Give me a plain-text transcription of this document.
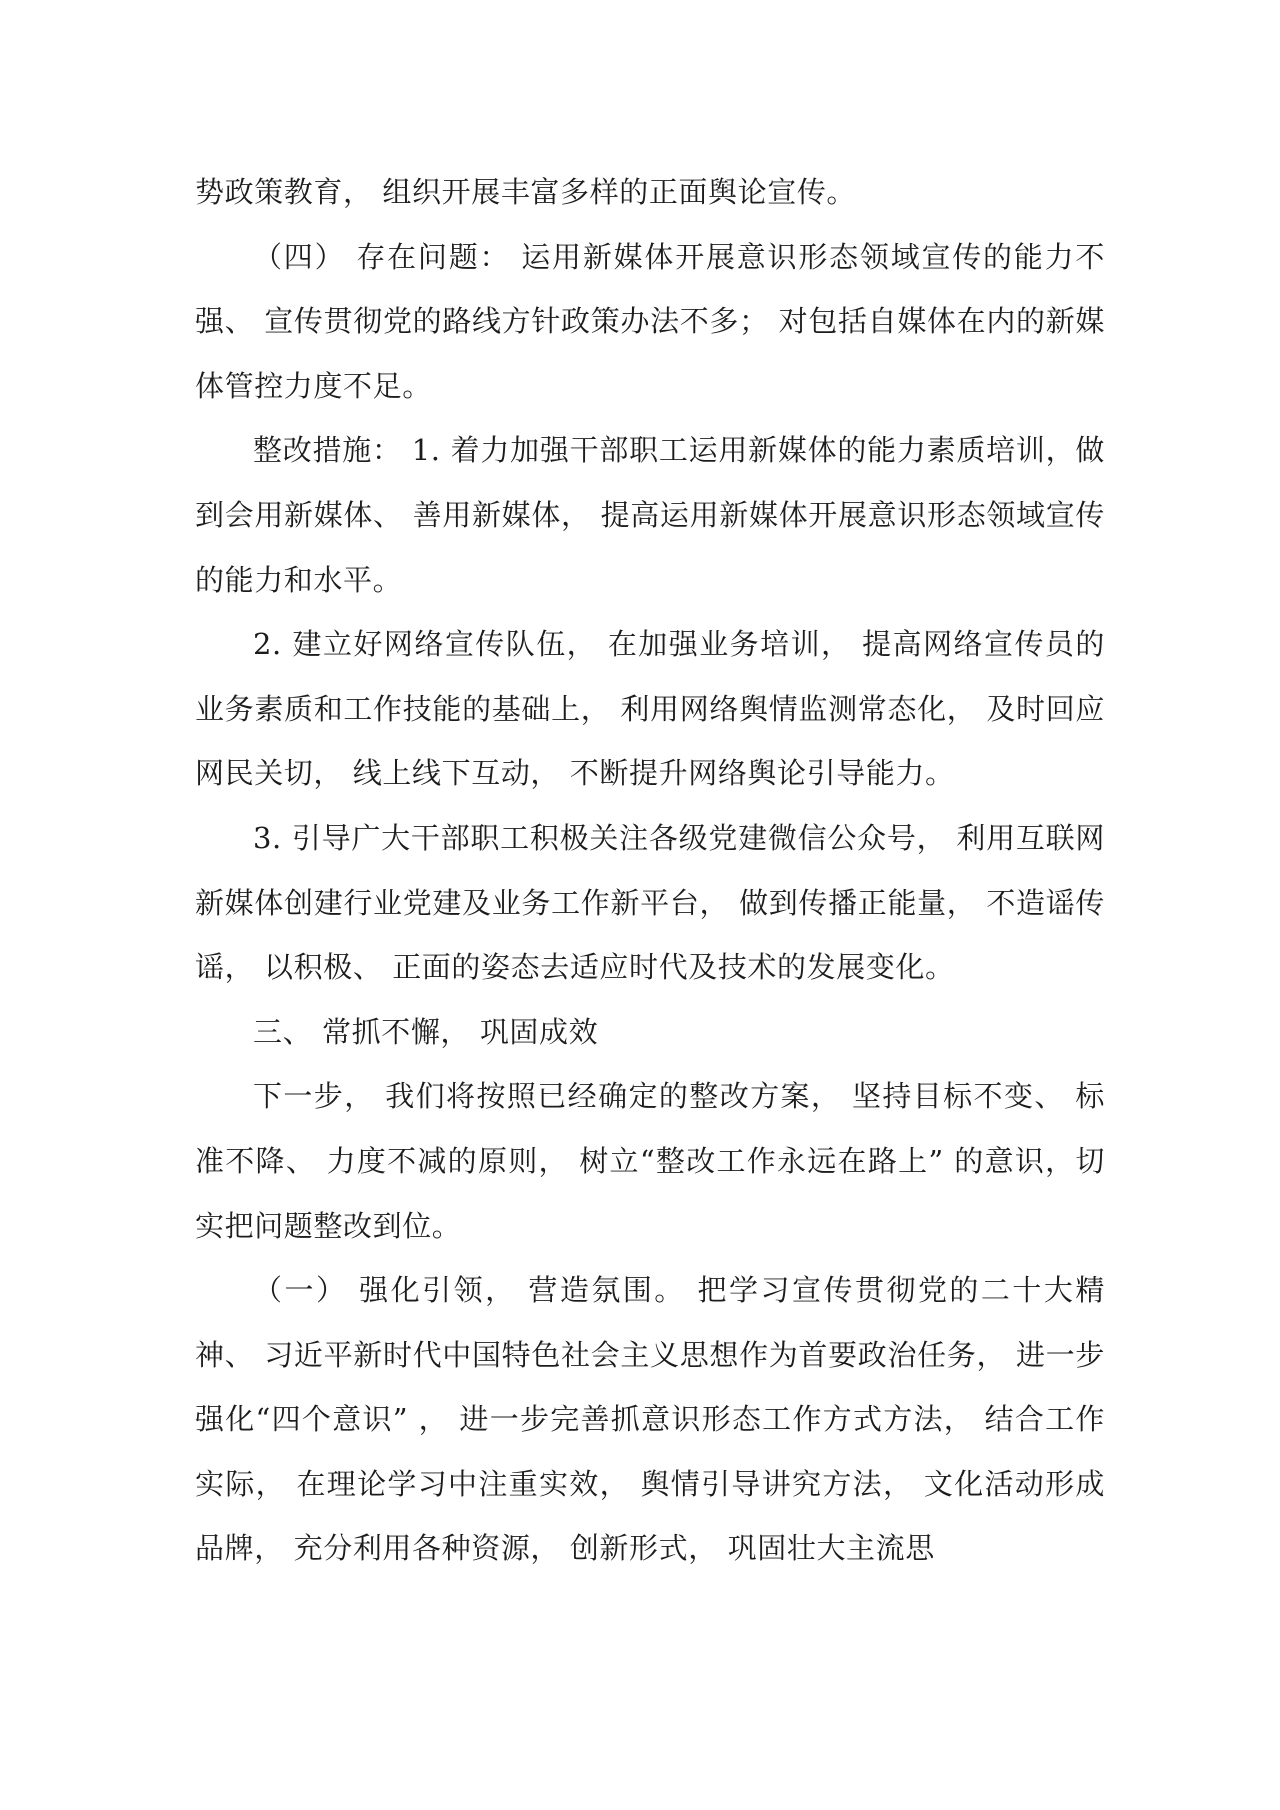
势政策教育， 组织开展丰富多样的正面舆论宣传。

（四） 存在问题： 运用新媒体开展意识形态领域宣传的能力不强、 宣传贯彻党的路线方针政策办法不多； 对包括自媒体在内的新媒体管控力度不足。

整改措施： 1. 着力加强干部职工运用新媒体的能力素质培训，做到会用新媒体、 善用新媒体， 提高运用新媒体开展意识形态领域宣传的能力和水平。

2. 建立好网络宣传队伍， 在加强业务培训， 提高网络宣传员的业务素质和工作技能的基础上， 利用网络舆情监测常态化， 及时回应网民关切， 线上线下互动， 不断提升网络舆论引导能力。

3. 引导广大干部职工积极关注各级党建微信公众号， 利用互联网新媒体创建行业党建及业务工作新平台， 做到传播正能量， 不造谣传谣， 以积极、 正面的姿态去适应时代及技术的发展变化。

三、 常抓不懈， 巩固成效

下一步， 我们将按照已经确定的整改方案， 坚持目标不变、 标准不降、 力度不减的原则， 树立“整改工作永远在路上” 的意识，切实把问题整改到位。

（一） 强化引领， 营造氛围。 把学习宣传贯彻党的二十大精神、 习近平新时代中国特色社会主义思想作为首要政治任务， 进一步强化“四个意识” ， 进一步完善抓意识形态工作方式方法， 结合工作实际， 在理论学习中注重实效， 舆情引导讲究方法， 文化活动形成品牌， 充分利用各种资源， 创新形式， 巩固壮大主流思
